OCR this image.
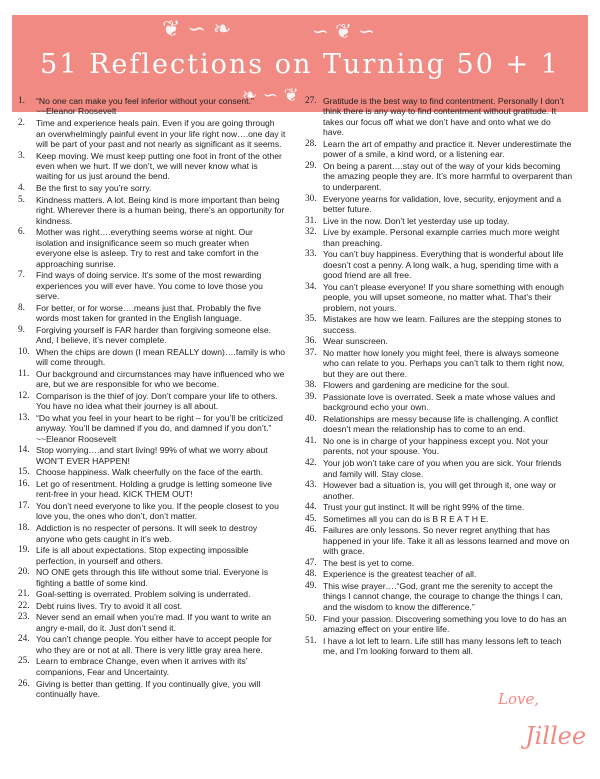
❦ ∽ ❧	∽ ❦ ∽
❧ ∽ ❦
51 Reflections on Turning 50 + 1
1. “No one can make you feel inferior without your consent.” ~~Eleanor Roosevelt
2. Time and experience heals pain. Even if you are going through an overwhelmingly painful event in your life right now….one day it will be part of your past and not nearly as significant as it seems.
3. Keep moving. We must keep putting one foot in front of the other even when we hurt. If we don’t, we will never know what is waiting for us just around the bend.
4. Be the first to say you’re sorry.
5. Kindness matters. A lot. Being kind is more important than being right. Wherever there is a human being, there’s an opportunity for kindness.
6. Mother was right….everything seems worse at night. Our isolation and insignificance seem so much greater when everyone else is asleep. Try to rest and take comfort in the approaching sunrise.
7. Find ways of doing service. It’s some of the most rewarding experiences you will ever have. You come to love those you serve.
8. For better, or for worse….means just that. Probably the five words most taken for granted in the English language.
9. Forgiving yourself is FAR harder than forgiving someone else. And, I believe, it’s never complete.
10. When the chips are down (I mean REALLY down)….family is who will come through.
11. Our background and circumstances may have influenced who we are, but we are responsible for who we become.
12. Comparison is the thief of joy. Don’t compare your life to others. You have no idea what their journey is all about.
13. “Do what you feel in your heart to be right – for you’ll be criticized anyway. You’ll be damned if you do, and damned if you don’t.” ~~Eleanor Roosevelt
14. Stop worrying….and start living! 99% of what we worry about WON’T EVER HAPPEN!
15. Choose happiness. Walk cheerfully on the face of the earth.
16. Let go of resentment. Holding a grudge is letting someone live rent-free in your head. KICK THEM OUT!
17. You don’t need everyone to like you. If the people closest to you love you, the ones who don’t, don’t matter.
18. Addiction is no respecter of persons. It will seek to destroy anyone who gets caught in it’s web.
19. Life is all about expectations. Stop expecting impossible perfection, in yourself and others.
20. NO ONE gets through this life without some trial. Everyone is fighting a battle of some kind.
21. Goal-setting is overrated. Problem solving is underrated.
22. Debt ruins lives. Try to avoid it all cost.
23. Never send an email when you’re mad. If you want to write an angry e-mail, do it. Just don’t send it.
24. You can’t change people. You either have to accept people for who they are or not at all. There is very little gray area here.
25. Learn to embrace Change, even when it arrives with its’ companions, Fear and Uncertainty.
26. Giving is better than getting. If you continually give, you will continually have.
27. Gratitude is the best way to find contentment. Personally I don’t think there is any way to find contentment without gratitude. It takes our focus off what we don’t have and onto what we do have.
28. Learn the art of empathy and practice it. Never underestimate the power of a smile, a kind word, or a listening ear.
29. On being a parent….stay out of the way of your kids becoming the amazing people they are. It’s more harmful to overparent than to underparent.
30. Everyone yearns for validation, love, security, enjoyment and a better future.
31. Live in the now. Don’t let yesterday use up today.
32. Live by example. Personal example carries much more weight than preaching.
33. You can’t buy happiness. Everything that is wonderful about life doesn’t cost a penny. A long walk, a hug, spending time with a good friend are all free.
34. You can’t please everyone! If you share something with enough people, you will upset someone, no matter what. That’s their problem, not yours.
35. Mistakes are how we learn. Failures are the stepping stones to success.
36. Wear sunscreen.
37. No matter how lonely you might feel, there is always someone who can relate to you. Perhaps you can’t talk to them right now, but they are out there.
38. Flowers and gardening are medicine for the soul.
39. Passionate love is overrated. Seek a mate whose values and background echo your own.
40. Relationships are messy because life is challenging. A conflict doesn’t mean the relationship has to come to an end.
41. No one is in charge of your happiness except you. Not your parents, not your spouse. You.
42. Your job won’t take care of you when you are sick. Your friends and family will. Stay close.
43. However bad a situation is, you will get through it, one way or another.
44. Trust your gut instinct. It will be right 99% of the time.
45. Sometimes all you can do is B R E A T H E.
46. Failures are only lessons. So never regret anything that has happened in your life. Take it all as lessons learned and move on with grace.
47. The best is yet to come.
48. Experience is the greatest teacher of all.
49. This wise prayer….“God, grant me the serenity to accept the things I cannot change, the courage to change the things I can, and the wisdom to know the difference.”
50. Find your passion. Discovering something you love to do has an amazing effect on your entire life.
51. I have a lot left to learn. Life still has many lessons left to teach me, and I’m looking forward to them all.
Love,
Jillee
